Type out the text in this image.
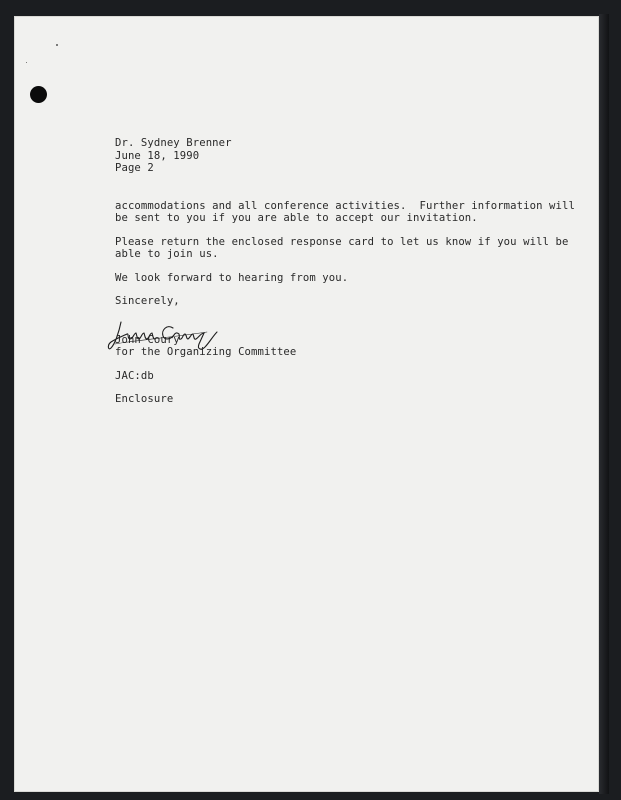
Dr. Sydney Brenner
June 18, 1990
Page 2
accommodations and all conference activities.  Further information will
be sent to you if you are able to accept our invitation.
Please return the enclosed response card to let us know if you will be
able to join us.
We look forward to hearing from you.
Sincerely,
John Coury
for the Organizing Committee
JAC:db
Enclosure
